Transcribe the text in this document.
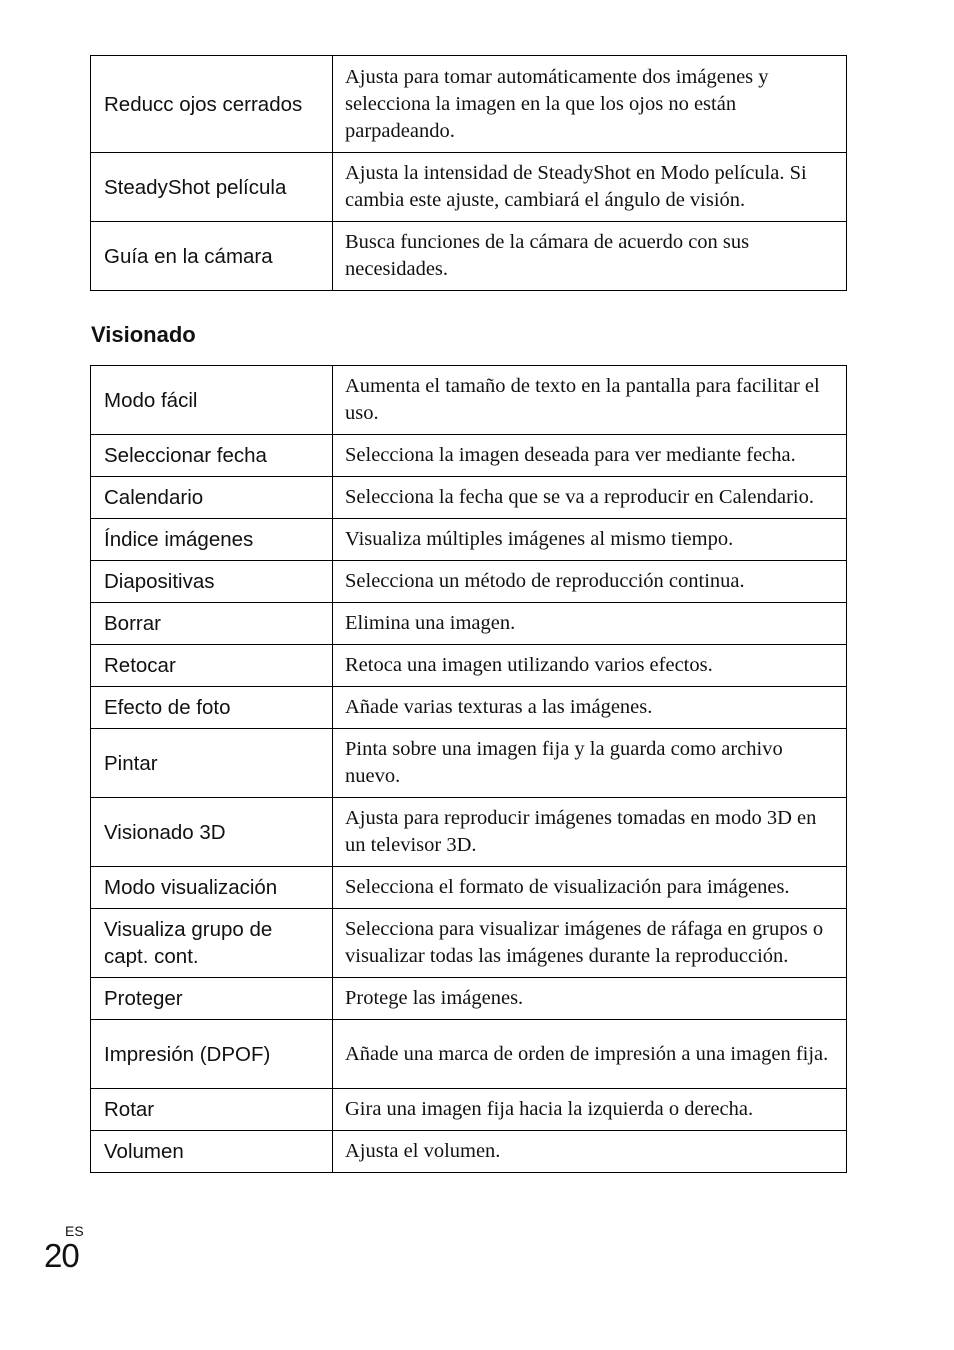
Reducc ojos cerrados	Ajusta para tomar automáticamente dos imágenes y selecciona la imagen en la que los ojos no están parpadeando.
SteadyShot película	Ajusta la intensidad de SteadyShot en Modo película. Si cambia este ajuste, cambiará el ángulo de visión.
Guía en la cámara	Busca funciones de la cámara de acuerdo con sus necesidades.
Visionado
Modo fácil	Aumenta el tamaño de texto en la pantalla para facilitar el uso.
Seleccionar fecha	Selecciona la imagen deseada para ver mediante fecha.
Calendario	Selecciona la fecha que se va a reproducir en Calendario.
Índice imágenes	Visualiza múltiples imágenes al mismo tiempo.
Diapositivas	Selecciona un método de reproducción continua.
Borrar	Elimina una imagen.
Retocar	Retoca una imagen utilizando varios efectos.
Efecto de foto	Añade varias texturas a las imágenes.
Pintar	Pinta sobre una imagen fija y la guarda como archivo nuevo.
Visionado 3D	Ajusta para reproducir imágenes tomadas en modo 3D en un televisor 3D.
Modo visualización	Selecciona el formato de visualización para imágenes.
Visualiza grupo de capt. cont.	Selecciona para visualizar imágenes de ráfaga en grupos o visualizar todas las imágenes durante la reproducción.
Proteger	Protege las imágenes.
Impresión (DPOF)	Añade una marca de orden de impresión a una imagen fija.
Rotar	Gira una imagen fija hacia la izquierda o derecha.
Volumen	Ajusta el volumen.
ES
20
